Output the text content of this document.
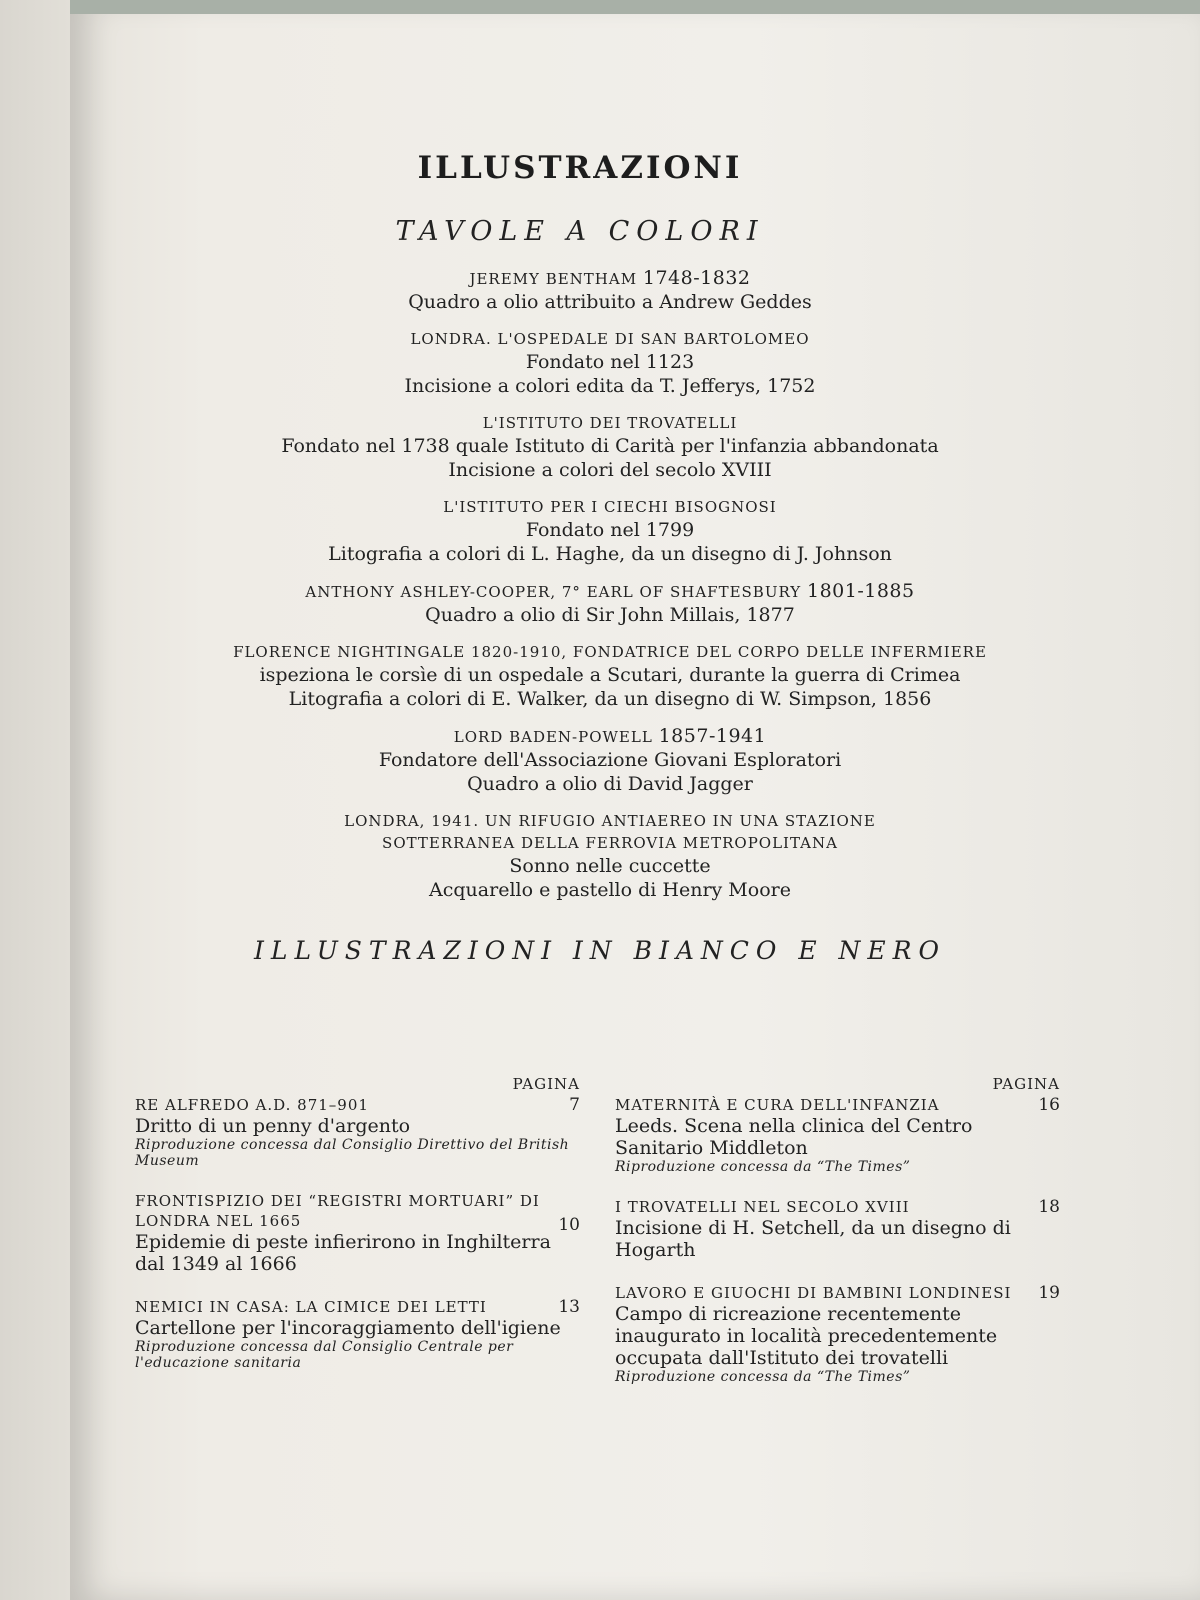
ILLUSTRAZIONI
TAVOLE A COLORI
JEREMY BENTHAM 1748-1832
Quadro a olio attribuito a Andrew Geddes
LONDRA. L'OSPEDALE DI SAN BARTOLOMEO
Fondato nel 1123
Incisione a colori edita da T. Jefferys, 1752
L'ISTITUTO DEI TROVATELLI
Fondato nel 1738 quale Istituto di Carità per l'infanzia abbandonata
Incisione a colori del secolo XVIII
L'ISTITUTO PER I CIECHI BISOGNOSI
Fondato nel 1799
Litografia a colori di L. Haghe, da un disegno di J. Johnson
ANTHONY ASHLEY-COOPER, 7° EARL OF SHAFTESBURY 1801-1885
Quadro a olio di Sir John Millais, 1877
FLORENCE NIGHTINGALE 1820-1910, FONDATRICE DEL CORPO DELLE INFERMIERE
ispeziona le corsìe di un ospedale a Scutari, durante la guerra di Crimea
Litografia a colori di E. Walker, da un disegno di W. Simpson, 1856
LORD BADEN-POWELL 1857-1941
Fondatore dell'Associazione Giovani Esploratori
Quadro a olio di David Jagger
LONDRA, 1941. UN RIFUGIO ANTIAEREO IN UNA STAZIONE SOTTERRANEA DELLA FERROVIA METROPOLITANA
Sonno nelle cuccette
Acquarello e pastello di Henry Moore
ILLUSTRAZIONI IN BIANCO E NERO
PAGINA
RE ALFREDO A.D. 871–901	7
Dritto di un penny d'argento
Riproduzione concessa dal Consiglio Direttivo del British Museum
FRONTISPIZIO DEI “REGISTRI MORTUARI” DI LONDRA NEL 1665	10
Epidemie di peste infierirono in Inghilterra dal 1349 al 1666
NEMICI IN CASA: LA CIMICE DEI LETTI	13
Cartellone per l'incoraggiamento dell'igiene
Riproduzione concessa dal Consiglio Centrale per l'educazione sanitaria
PAGINA
MATERNITÀ E CURA DELL'INFANZIA	16
Leeds. Scena nella clinica del Centro Sanitario Middleton
Riproduzione concessa da “The Times”
I TROVATELLI NEL SECOLO XVIII	18
Incisione di H. Setchell, da un disegno di Hogarth
LAVORO E GIUOCHI DI BAMBINI LONDINESI	19
Campo di ricreazione recentemente inaugurato in località precedentemente occupata dall'Istituto dei trovatelli
Riproduzione concessa da “The Times”
